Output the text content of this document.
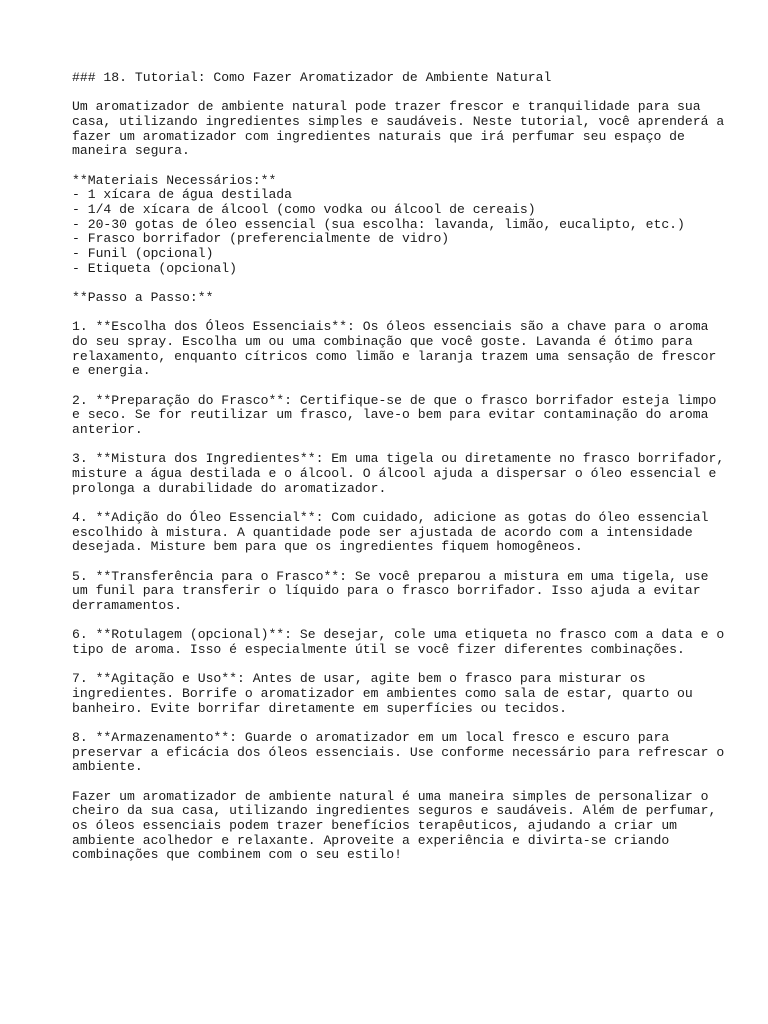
### 18. Tutorial: Como Fazer Aromatizador de Ambiente Natural
Um aromatizador de ambiente natural pode trazer frescor e tranquilidade para sua
casa, utilizando ingredientes simples e saudáveis. Neste tutorial, você aprenderá a
fazer um aromatizador com ingredientes naturais que irá perfumar seu espaço de
maneira segura.
**Materiais Necessários:**
- 1 xícara de água destilada
- 1/4 de xícara de álcool (como vodka ou álcool de cereais)
- 20-30 gotas de óleo essencial (sua escolha: lavanda, limão, eucalipto, etc.)
- Frasco borrifador (preferencialmente de vidro)
- Funil (opcional)
- Etiqueta (opcional)
**Passo a Passo:**
1. **Escolha dos Óleos Essenciais**: Os óleos essenciais são a chave para o aroma
do seu spray. Escolha um ou uma combinação que você goste. Lavanda é ótimo para
relaxamento, enquanto cítricos como limão e laranja trazem uma sensação de frescor
e energia.
2. **Preparação do Frasco**: Certifique-se de que o frasco borrifador esteja limpo
e seco. Se for reutilizar um frasco, lave-o bem para evitar contaminação do aroma
anterior.
3. **Mistura dos Ingredientes**: Em uma tigela ou diretamente no frasco borrifador,
misture a água destilada e o álcool. O álcool ajuda a dispersar o óleo essencial e
prolonga a durabilidade do aromatizador.
4. **Adição do Óleo Essencial**: Com cuidado, adicione as gotas do óleo essencial
escolhido à mistura. A quantidade pode ser ajustada de acordo com a intensidade
desejada. Misture bem para que os ingredientes fiquem homogêneos.
5. **Transferência para o Frasco**: Se você preparou a mistura em uma tigela, use
um funil para transferir o líquido para o frasco borrifador. Isso ajuda a evitar
derramamentos.
6. **Rotulagem (opcional)**: Se desejar, cole uma etiqueta no frasco com a data e o
tipo de aroma. Isso é especialmente útil se você fizer diferentes combinações.
7. **Agitação e Uso**: Antes de usar, agite bem o frasco para misturar os
ingredientes. Borrife o aromatizador em ambientes como sala de estar, quarto ou
banheiro. Evite borrifar diretamente em superfícies ou tecidos.
8. **Armazenamento**: Guarde o aromatizador em um local fresco e escuro para
preservar a eficácia dos óleos essenciais. Use conforme necessário para refrescar o
ambiente.
Fazer um aromatizador de ambiente natural é uma maneira simples de personalizar o
cheiro da sua casa, utilizando ingredientes seguros e saudáveis. Além de perfumar,
os óleos essenciais podem trazer benefícios terapêuticos, ajudando a criar um
ambiente acolhedor e relaxante. Aproveite a experiência e divirta-se criando
combinações que combinem com o seu estilo!
